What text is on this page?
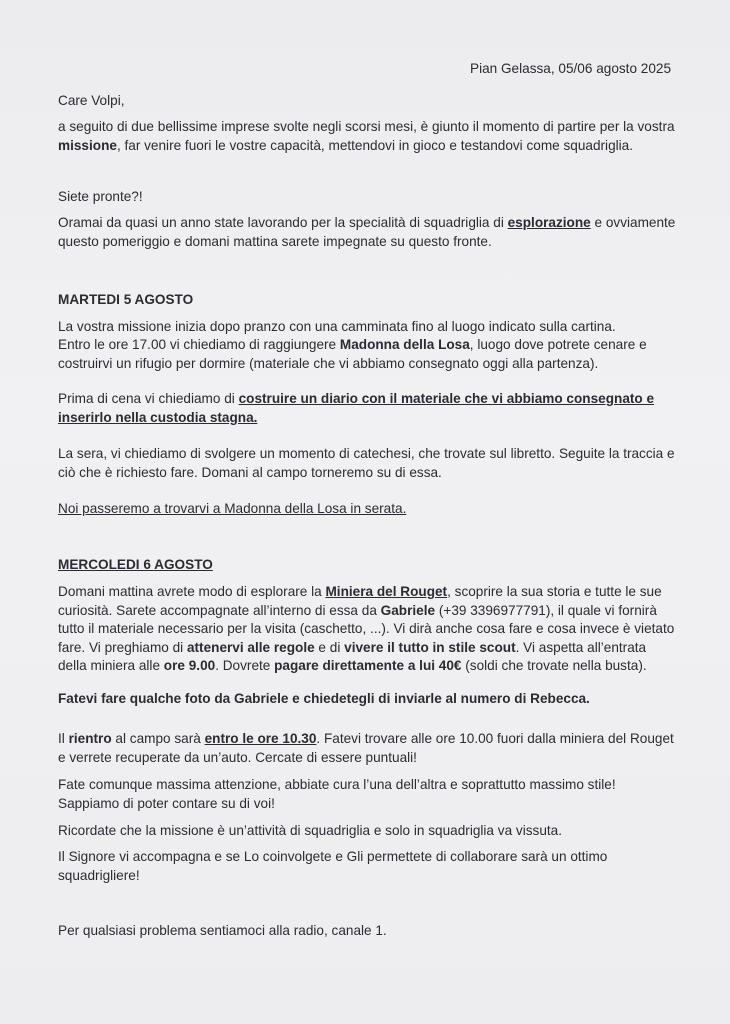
Pian Gelassa, 05/06 agosto 2025

Care Volpi,

a seguito di due bellissime imprese svolte negli scorsi mesi, è giunto il momento di partire per la vostra missione, far venire fuori le vostre capacità, mettendovi in gioco e testandovi come squadriglia.

Siete pronte?!

Oramai da quasi un anno state lavorando per la specialità di squadriglia di esplorazione e ovviamente questo pomeriggio e domani mattina sarete impegnate su questo fronte.

MARTEDI 5 AGOSTO

La vostra missione inizia dopo pranzo con una camminata fino al luogo indicato sulla cartina.

Entro le ore 17.00 vi chiediamo di raggiungere Madonna della Losa, luogo dove potrete cenare e costruirvi un rifugio per dormire (materiale che vi abbiamo consegnato oggi alla partenza).

Prima di cena vi chiediamo di costruire un diario con il materiale che vi abbiamo consegnato e inserirlo nella custodia stagna.

La sera, vi chiediamo di svolgere un momento di catechesi, che trovate sul libretto. Seguite la traccia e ciò che è richiesto fare. Domani al campo torneremo su di essa.

Noi passeremo a trovarvi a Madonna della Losa in serata.

MERCOLEDI 6 AGOSTO

Domani mattina avrete modo di esplorare la Miniera del Rouget, scoprire la sua storia e tutte le sue curiosità. Sarete accompagnate all’interno di essa da Gabriele (+39 3396977791), il quale vi fornirà tutto il materiale necessario per la visita (caschetto, ...). Vi dirà anche cosa fare e cosa invece è vietato fare. Vi preghiamo di attenervi alle regole e di vivere il tutto in stile scout. Vi aspetta all’entrata della miniera alle ore 9.00. Dovrete pagare direttamente a lui 40€ (soldi che trovate nella busta).

Fatevi fare qualche foto da Gabriele e chiedetegli di inviarle al numero di Rebecca.

Il rientro al campo sarà entro le ore 10.30. Fatevi trovare alle ore 10.00 fuori dalla miniera del Rouget e verrete recuperate da un’auto. Cercate di essere puntuali!

Fate comunque massima attenzione, abbiate cura l’una dell’altra e soprattutto massimo stile! Sappiamo di poter contare su di voi!

Ricordate che la missione è un’attività di squadriglia e solo in squadriglia va vissuta.

Il Signore vi accompagna e se Lo coinvolgete e Gli permettete di collaborare sarà un ottimo squadrigliere!

Per qualsiasi problema sentiamoci alla radio, canale 1.
